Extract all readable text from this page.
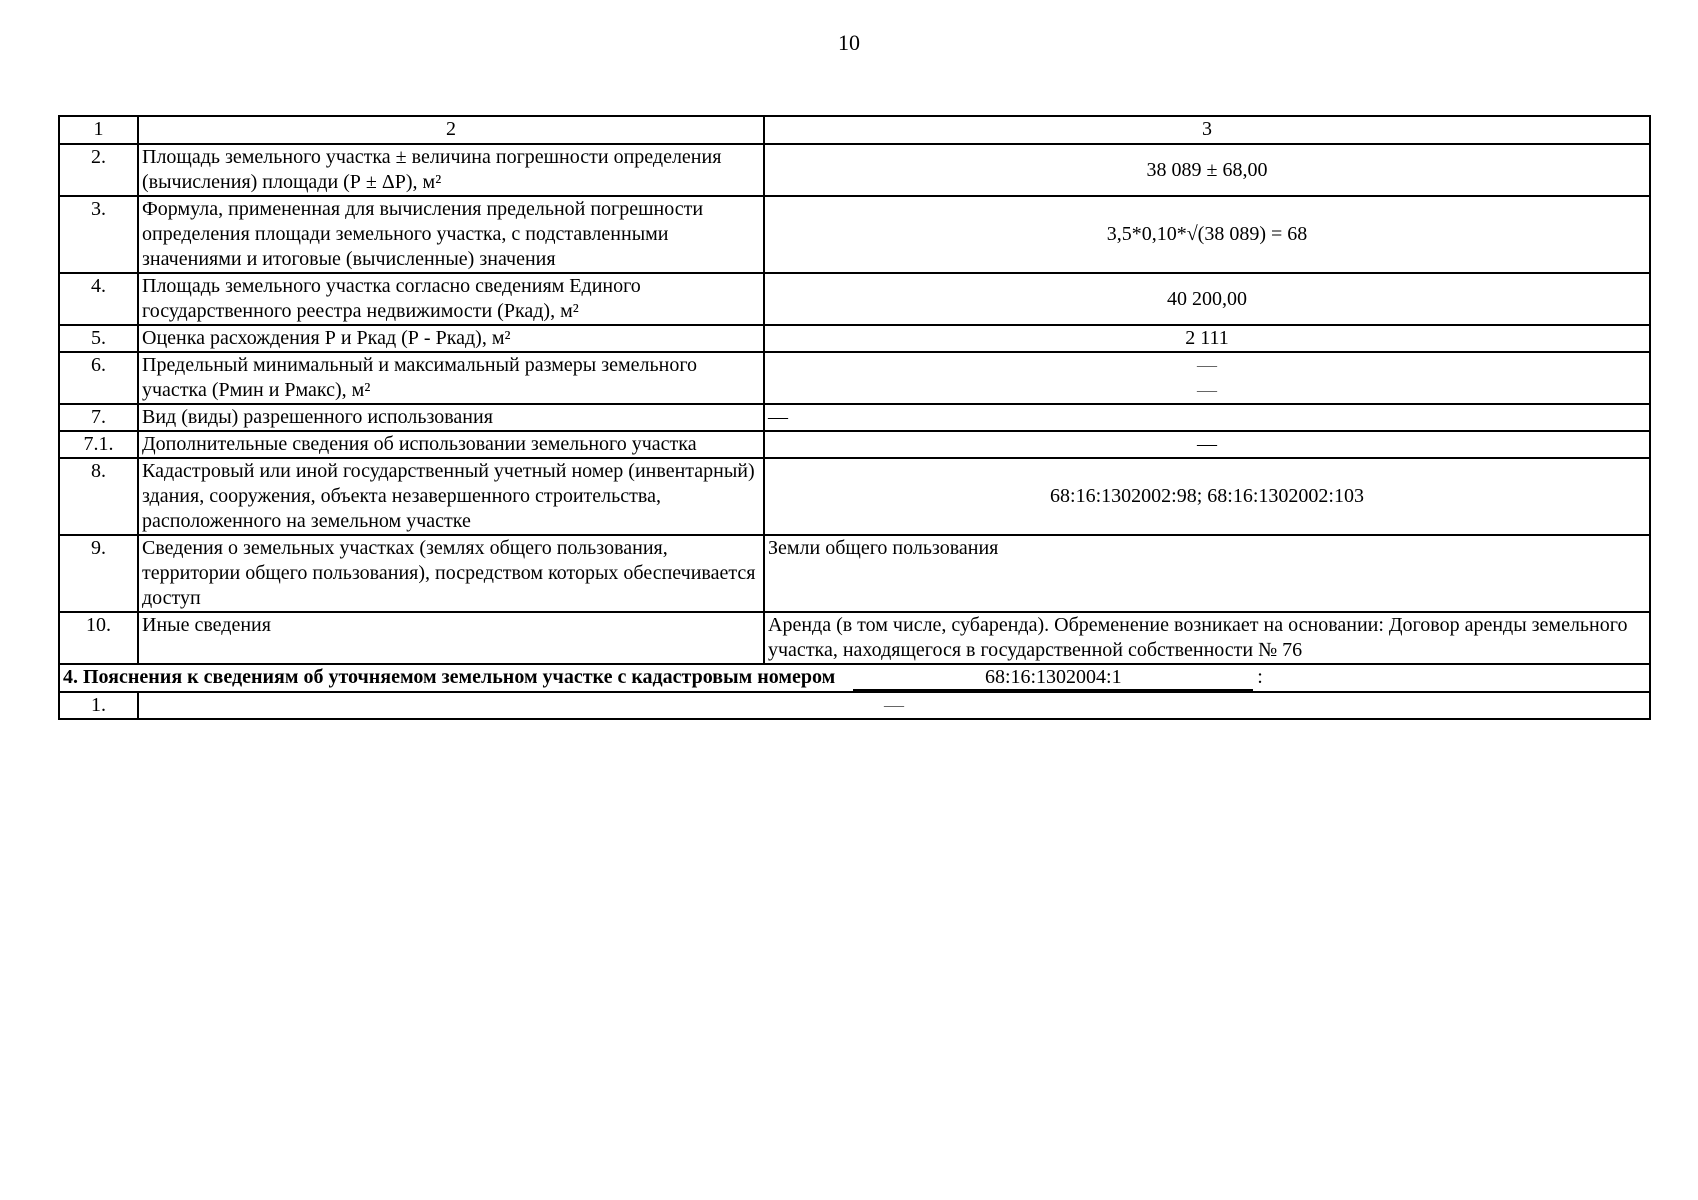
10
1	2	3
2.	Площадь земельного участка ± величина погрешности определения (вычисления) площади (Р ± ΔР), м²	38 089 ± 68,00
3.	Формула, примененная для вычисления предельной погрешности определения площади земельного участка, с подставленными значениями и итоговые (вычисленные) значения	3,5*0,10*√(38 089) = 68
4.	Площадь земельного участка согласно сведениям Единого государственного реестра недвижимости (Ркад), м²	40 200,00
5.	Оценка расхождения Р и Ркад (Р - Ркад), м²	2 111
6.	Предельный минимальный и максимальный размеры земельного участка (Рмин и Рмакс), м²	—
—

7.	Вид (виды) разрешенного использования	—
7.1.	Дополнительные сведения об использовании земельного участка	—
8.	Кадастровый или иной государственный учетный номер (инвентарный) здания, сооружения, объекта незавершенного строительства, расположенного на земельном участке	68:16:1302002:98; 68:16:1302002:103
9.	Сведения о земельных участках (землях общего пользования, территории общего пользования), посредством которых обеспечивается доступ	Земли общего пользования
10.	Иные сведения	Аренда (в том числе, субаренда). Обременение возникает на основании: Договор аренды земельного участка, находящегося в государственной собственности № 76
4. Пояснения к сведениям об уточняемом земельном участке с кадастровым номером 68:16:1302004:1 :		
1.	—	
